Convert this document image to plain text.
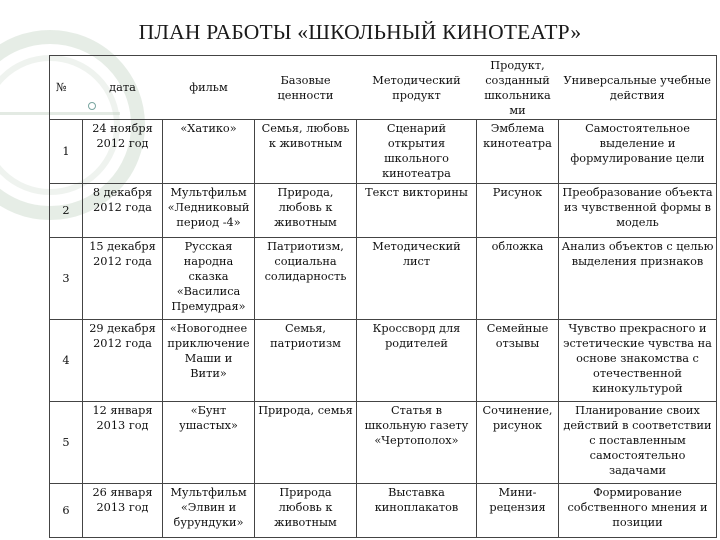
ПЛАН РАБОТЫ «ШКОЛЬНЫЙ КИНОТЕАТР»
№	дата	фильм	Базовые ценности	Методический продукт	Продукт, созданный школьника ми	Универсальные учебные действия
1	24 ноября 2012 год	«Хатико»	Семья, любовь к животным	Сценарий открытия школьного кинотеатра	Эмблема кинотеатра	Самостоятельное выделение и формулирование цели
2	8 декабря 2012 года	Мультфильм «Ледниковый период -4»	Природа, любовь к животным	Текст викторины	Рисунок	Преобразование объекта из чувственной формы в модель
3	15 декабря 2012 года	Русская народна сказка «Василиса Премудрая»	Патриотизм, социальна солидарность	Методический лист	обложка	Анализ объектов с целью выделения признаков
4	29 декабря 2012 года	«Новогоднее приключение Маши и Вити»	Семья, патриотизм	Кроссворд для родителей	Семейные отзывы	Чувство прекрасного и эстетические чувства на основе знакомства с отечественной кинокультурой
5	12 января 2013 год	«Бунт ушастых»	Природа, семья	Статья в школьную газету «Чертополох»	Сочинение, рисунок	Планирование своих действий в соответствии с поставленным самостоятельно задачами
6	26 января 2013 год	Мультфильм «Элвин и бурундуки»	Природа любовь к животным	Выставка киноплакатов	Мини-рецензия	Формирование собственного мнения и позиции
